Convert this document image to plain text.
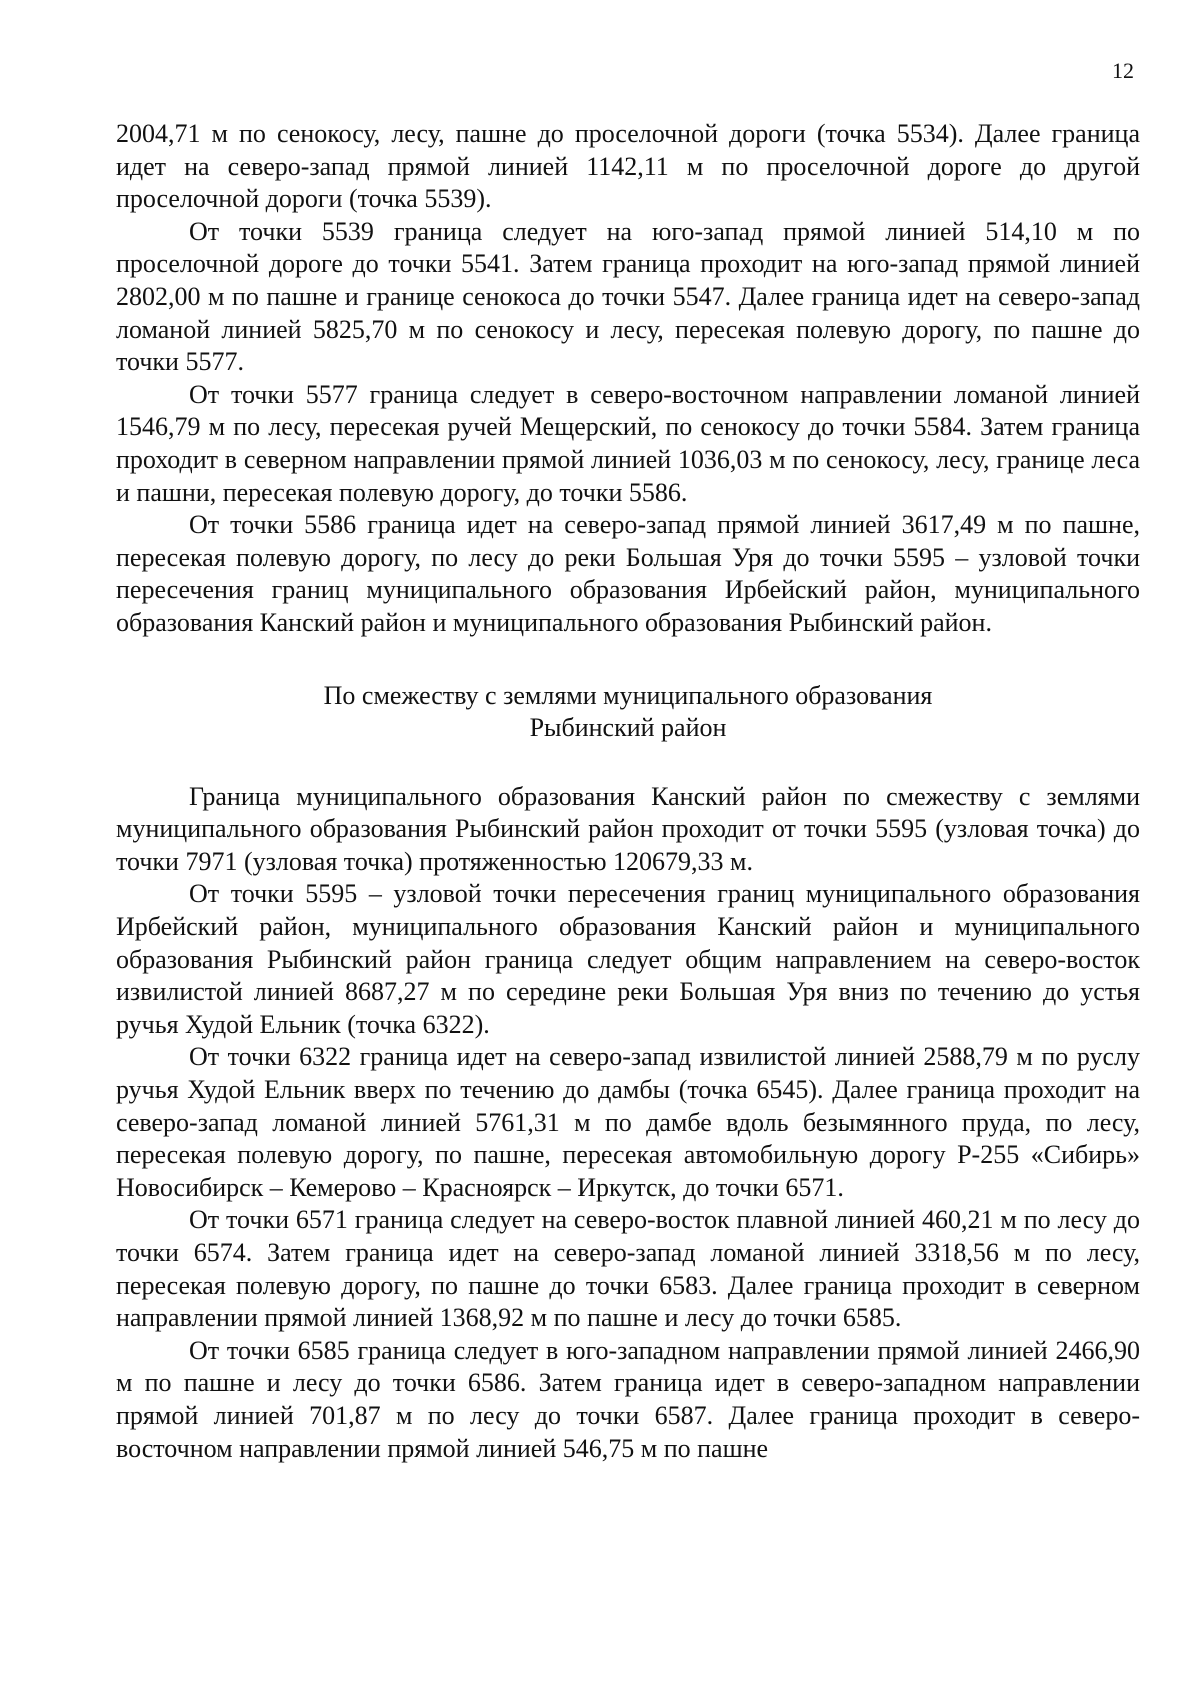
12

2004,71 м по сенокосу, лесу, пашне до проселочной дороги (точка 5534). Далее граница идет на северо-запад прямой линией 1142,11 м по проселочной дороге до другой проселочной дороги (точка 5539).

От точки 5539 граница следует на юго-запад прямой линией 514,10 м по проселочной дороге до точки 5541. Затем граница проходит на юго-запад прямой линией 2802,00 м по пашне и границе сенокоса до точки 5547. Далее граница идет на северо-запад ломаной линией 5825,70 м по сенокосу и лесу, пересекая полевую дорогу, по пашне до точки 5577.

От точки 5577 граница следует в северо-восточном направлении ломаной линией 1546,79 м по лесу, пересекая ручей Мещерский, по сенокосу до точки 5584. Затем граница проходит в северном направлении прямой линией 1036,03 м по сенокосу, лесу, границе леса и пашни, пересекая полевую дорогу, до точки 5586.

От точки 5586 граница идет на северо-запад прямой линией 3617,49 м по пашне, пересекая полевую дорогу, по лесу до реки Большая Уря до точки 5595 – узловой точки пересечения границ муниципального образования Ирбейский район, муниципального образования Канский район и муниципального образования Рыбинский район.

По смежеству с землями муниципального образования
Рыбинский район

Граница муниципального образования Канский район по смежеству с землями муниципального образования Рыбинский район проходит от точки 5595 (узловая точка) до точки 7971 (узловая точка) протяженностью 120679,33 м.

От точки 5595 – узловой точки пересечения границ муниципального образования Ирбейский район, муниципального образования Канский район и муниципального образования Рыбинский район граница следует общим направлением на северо-восток извилистой линией 8687,27 м по середине реки Большая Уря вниз по течению до устья ручья Худой Ельник (точка 6322).

От точки 6322 граница идет на северо-запад извилистой линией 2588,79 м по руслу ручья Худой Ельник вверх по течению до дамбы (точка 6545). Далее граница проходит на северо-запад ломаной линией 5761,31 м по дамбе вдоль безымянного пруда, по лесу, пересекая полевую дорогу, по пашне, пересекая автомобильную дорогу Р-255 «Сибирь» Новосибирск – Кемерово – Красноярск – Иркутск, до точки 6571.

От точки 6571 граница следует на северо-восток плавной линией 460,21 м по лесу до точки 6574. Затем граница идет на северо-запад ломаной линией 3318,56 м по лесу, пересекая полевую дорогу, по пашне до точки 6583. Далее граница проходит в северном направлении прямой линией 1368,92 м по пашне и лесу до точки 6585.

От точки 6585 граница следует в юго-западном направлении прямой линией 2466,90 м по пашне и лесу до точки 6586. Затем граница идет в северо-западном направлении прямой линией 701,87 м по лесу до точки 6587. Далее граница проходит в северо-восточном направлении прямой линией 546,75 м по пашне
